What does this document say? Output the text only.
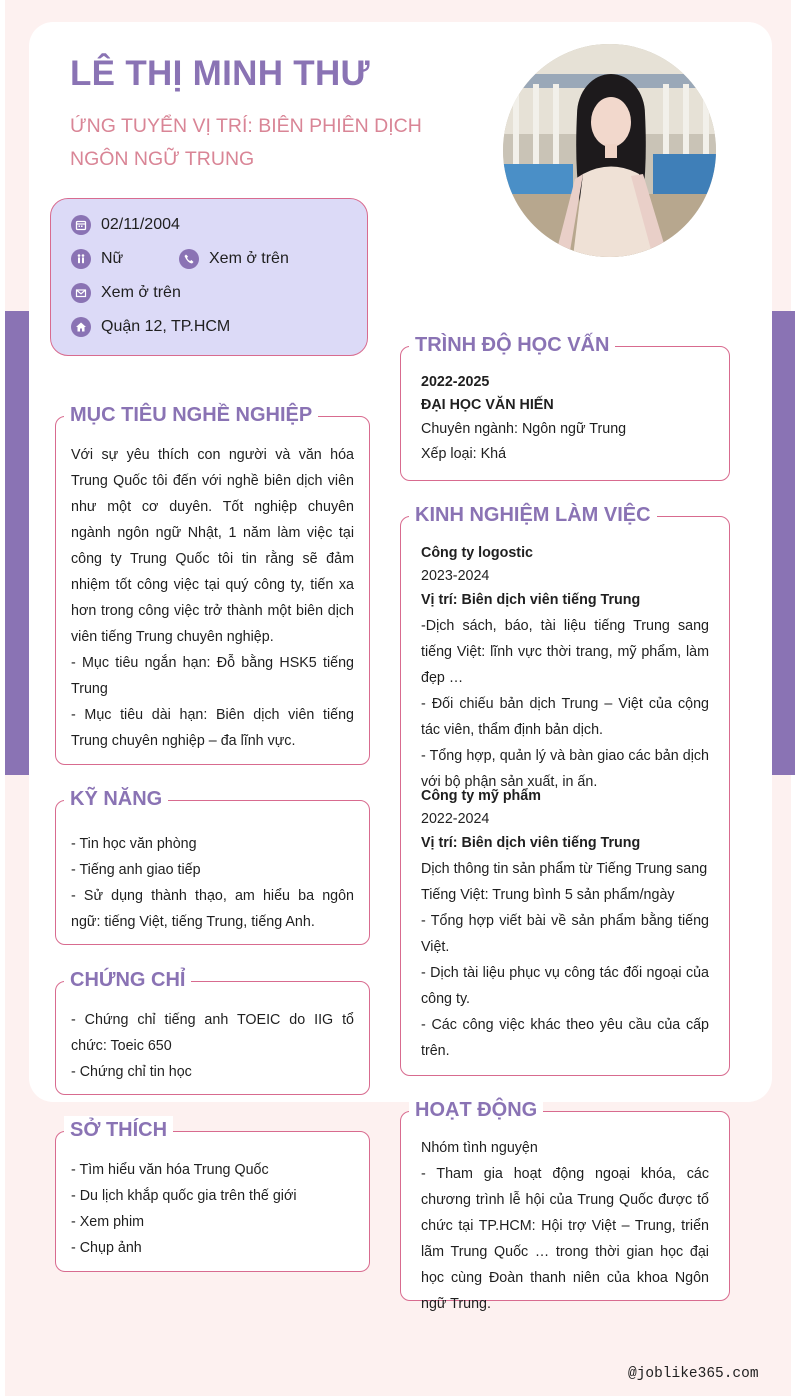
LÊ THỊ MINH THƯ
ỨNG TUYỂN VỊ TRÍ: BIÊN PHIÊN DỊCH NGÔN NGỮ TRUNG
02/11/2004
Nữ	Xem ở trên
Xem ở trên
Quận 12, TP.HCM
MỤC TIÊU NGHỀ NGHIỆP

Với sự yêu thích con người và văn hóa Trung Quốc tôi đến với nghề biên dịch viên như một cơ duyên. Tốt nghiệp chuyên ngành ngôn ngữ Nhật, 1 năm làm việc tại công ty Trung Quốc tôi tin rằng sẽ đảm nhiệm tốt công việc tại quý công ty, tiến xa hơn trong công việc trở thành một biên dịch viên tiếng Trung chuyên nghiệp.

- Mục tiêu ngắn hạn: Đỗ bằng HSK5 tiếng Trung

- Mục tiêu dài hạn: Biên dịch viên tiếng Trung chuyên nghiệp – đa lĩnh vực.

KỸ NĂNG

- Tin học văn phòng

- Tiếng anh giao tiếp

- Sử dụng thành thạo, am hiểu ba ngôn ngữ: tiếng Việt, tiếng Trung, tiếng Anh.

CHỨNG CHỈ

- Chứng chỉ tiếng anh TOEIC do IIG tổ chức: Toeic 650

- Chứng chỉ tin học

SỞ THÍCH

- Tìm hiểu văn hóa Trung Quốc

- Du lịch khắp quốc gia trên thế giới

- Xem phim

- Chụp ảnh

TRÌNH ĐỘ HỌC VẤN

2022-2025

ĐẠI HỌC VĂN HIẾN

Chuyên ngành: Ngôn ngữ Trung

Xếp loại: Khá

KINH NGHIỆM LÀM VIỆC

Công ty logostic

2023-2024

Vị trí: Biên dịch viên tiếng Trung

-Dịch sách, báo, tài liệu tiếng Trung sang tiếng Việt: lĩnh vực thời trang, mỹ phẩm, làm đẹp …

- Đối chiếu bản dịch Trung – Việt của cộng tác viên, thẩm định bản dịch.

- Tổng hợp, quản lý và bàn giao các bản dịch với bộ phận sản xuất, in ấn.

Công ty mỹ phẩm

2022-2024

Vị trí: Biên dịch viên tiếng Trung

Dịch thông tin sản phẩm từ Tiếng Trung sang Tiếng Việt: Trung bình 5 sản phẩm/ngày

- Tổng hợp viết bài về sản phẩm bằng tiếng Việt.

- Dịch tài liệu phục vụ công tác đối ngoại của công ty.

- Các công việc khác theo yêu cầu của cấp trên.

HOẠT ĐỘNG

Nhóm tình nguyện

- Tham gia hoạt động ngoại khóa, các chương trình lễ hội của Trung Quốc được tổ chức tại TP.HCM: Hội trợ Việt – Trung, triển lãm Trung Quốc … trong thời gian học đại học cùng Đoàn thanh niên của khoa Ngôn ngữ Trung.

@joblike365.com
